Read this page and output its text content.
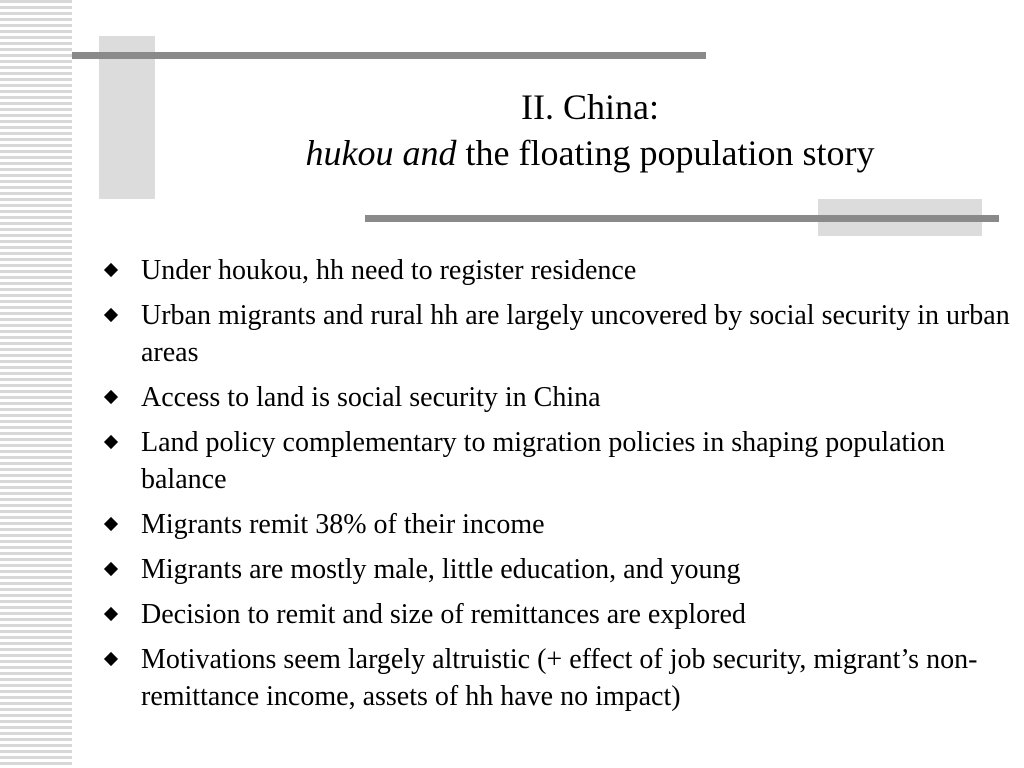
II. China:
hukou and the floating population story
Under houkou, hh need to register residence
Urban migrants and rural hh are largely uncovered by social security in urban areas
Access to land is social security in China
Land policy complementary to migration policies in shaping population balance
Migrants remit 38% of their income
Migrants are mostly male, little education, and young
Decision to remit and size of remittances are explored
Motivations seem largely altruistic (+ effect of job security, migrant’s non-remittance income, assets of hh have no impact)
